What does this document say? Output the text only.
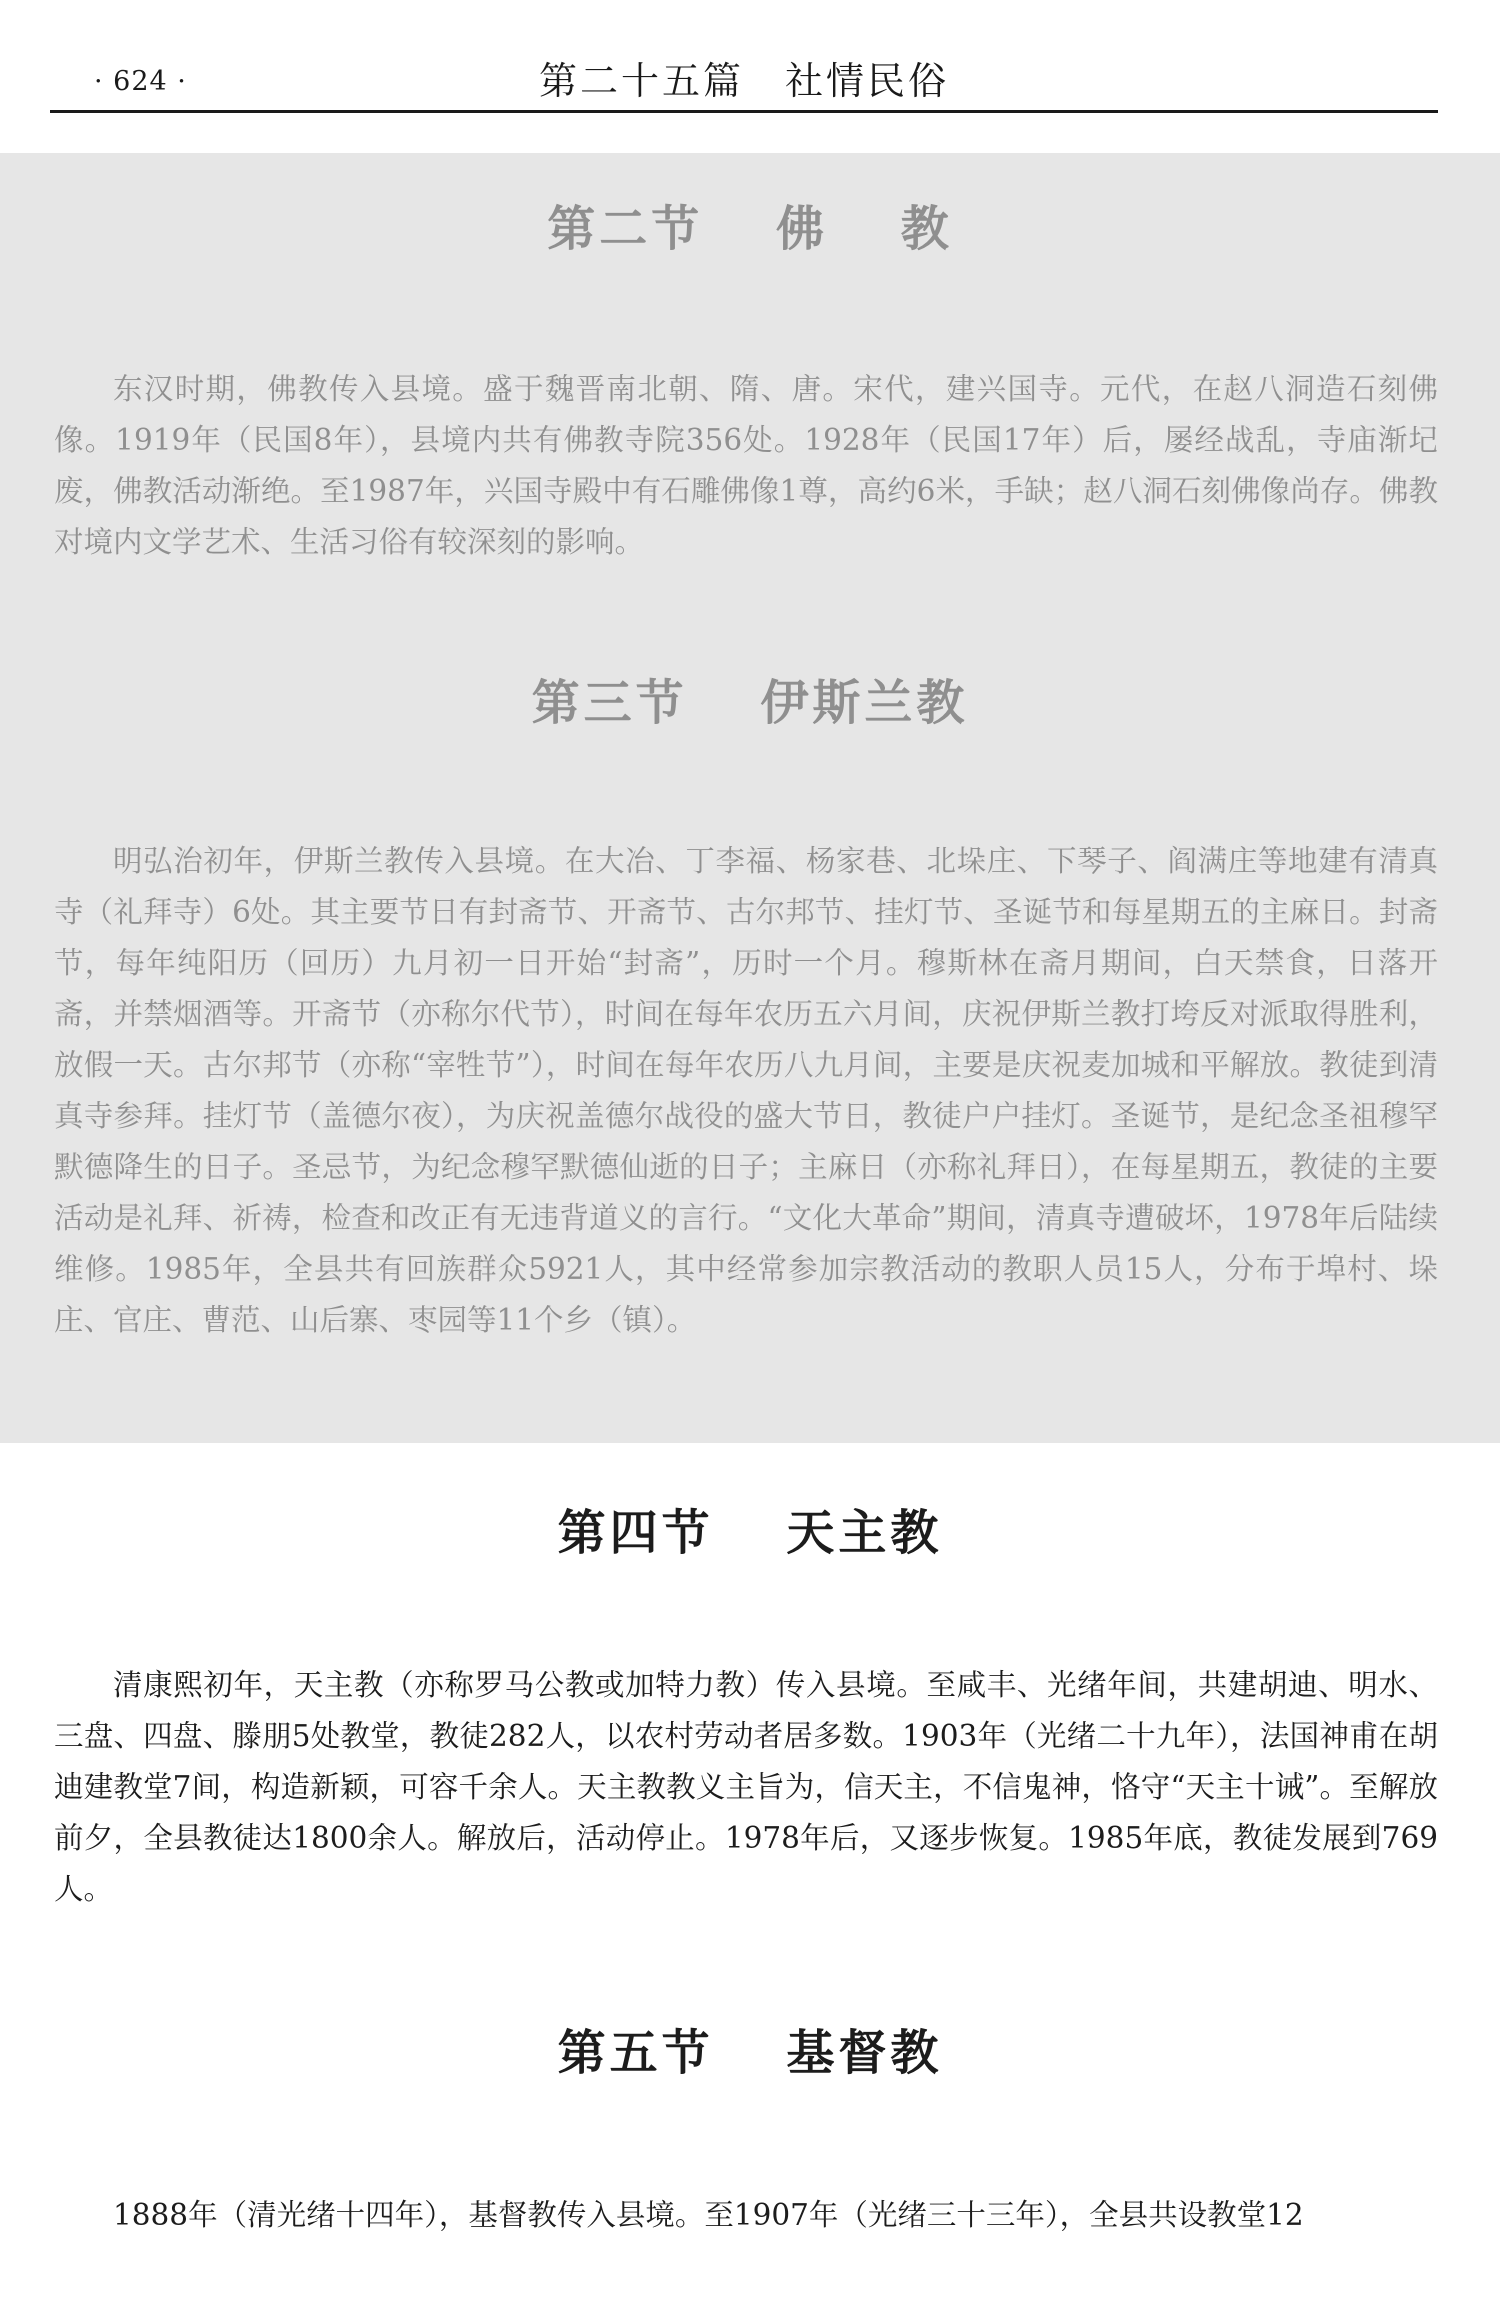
· 624 ·	第二十五篇　社情民俗
第二节　 佛　 教

东汉时期，佛教传入县境。盛于魏晋南北朝、隋、唐。宋代，建兴国寺。元代，在赵八洞造石刻佛像。1919年（民国8年），县境内共有佛教寺院356处。1928年（民国17年）后，屡经战乱，寺庙渐圮废，佛教活动渐绝。至1987年，兴国寺殿中有石雕佛像1尊，高约6米，手缺；赵八洞石刻佛像尚存。佛教对境内文学艺术、生活习俗有较深刻的影响。

第三节　 伊斯兰教

明弘治初年，伊斯兰教传入县境。在大冶、丁李福、杨家巷、北垛庄、下琴子、阎满庄等地建有清真寺（礼拜寺）6处。其主要节日有封斋节、开斋节、古尔邦节、挂灯节、圣诞节和每星期五的主麻日。封斋节，每年纯阳历（回历）九月初一日开始“封斋”，历时一个月。穆斯林在斋月期间，白天禁食，日落开斋，并禁烟酒等。开斋节（亦称尔代节），时间在每年农历五六月间，庆祝伊斯兰教打垮反对派取得胜利，放假一天。古尔邦节（亦称“宰牲节”），时间在每年农历八九月间，主要是庆祝麦加城和平解放。教徒到清真寺参拜。挂灯节（盖德尔夜），为庆祝盖德尔战役的盛大节日，教徒户户挂灯。圣诞节，是纪念圣祖穆罕默德降生的日子。圣忌节，为纪念穆罕默德仙逝的日子；主麻日（亦称礼拜日），在每星期五，教徒的主要活动是礼拜、祈祷，检查和改正有无违背道义的言行。“文化大革命”期间，清真寺遭破坏，1978年后陆续维修。1985年，全县共有回族群众5921人，其中经常参加宗教活动的教职人员15人，分布于埠村、垛庄、官庄、曹范、山后寨、枣园等11个乡（镇）。

第四节　 天主教

清康熙初年，天主教（亦称罗马公教或加特力教）传入县境。至咸丰、光绪年间，共建胡迪、明水、三盘、四盘、滕朋5处教堂，教徒282人，以农村劳动者居多数。1903年（光绪二十九年），法国神甫在胡迪建教堂7间，构造新颖，可容千余人。天主教教义主旨为，信天主，不信鬼神，恪守“天主十诫”。至解放前夕，全县教徒达1800余人。解放后，活动停止。1978年后，又逐步恢复。1985年底，教徒发展到769人。

第五节　 基督教

1888年（清光绪十四年），基督教传入县境。至1907年（光绪三十三年），全县共设教堂12
